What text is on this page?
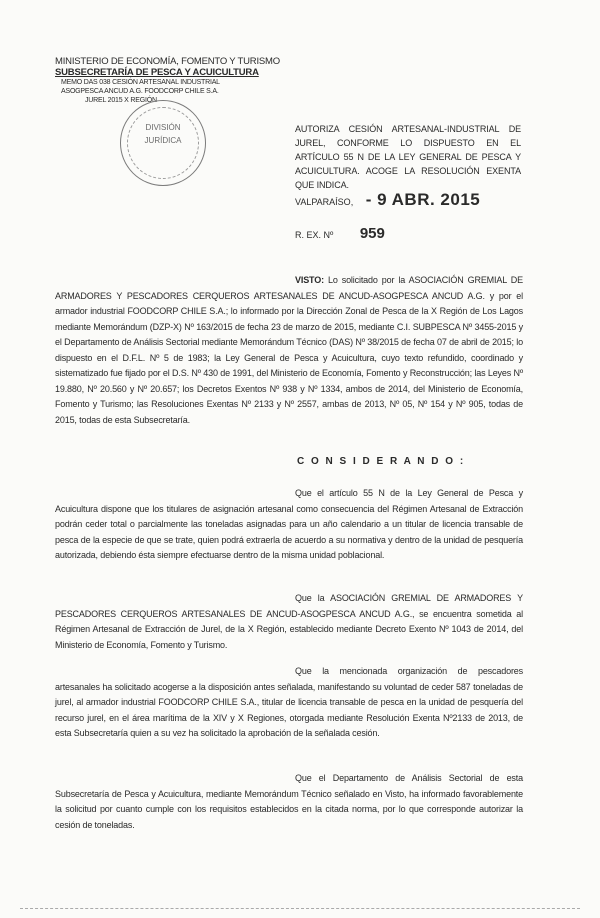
MINISTERIO DE ECONOMÍA, FOMENTO Y TURISMO
SUBSECRETARÍA DE PESCA Y ACUICULTURA
MEMO DAS 038 CESIÓN ARTESANAL INDUSTRIAL
ASOGPESCA ANCUD A.G. FOODCORP CHILE S.A.
JUREL 2015 X REGIÓN
DIVISIÓN
JURÍDICA
AUTORIZA CESIÓN ARTESANAL-INDUSTRIAL DE JUREL, CONFORME LO DISPUESTO EN EL ARTÍCULO 55 N DE LA LEY GENERAL DE PESCA Y ACUICULTURA. ACOGE LA RESOLUCIÓN EXENTA QUE INDICA.
VALPARAÍSO, - 9 ABR. 2015
R. EX. Nº 959
VISTO: Lo solicitado por la ASOCIACIÓN GREMIAL DE ARMADORES Y PESCADORES CERQUEROS ARTESANALES DE ANCUD-ASOGPESCA ANCUD A.G. y por el armador industrial FOODCORP CHILE S.A.; lo informado por la Dirección Zonal de Pesca de la X Región de Los Lagos mediante Memorándum (DZP-X) Nº 163/2015 de fecha 23 de marzo de 2015, mediante C.I. SUBPESCA Nº 3455-2015 y el Departamento de Análisis Sectorial mediante Memorándum Técnico (DAS) Nº 38/2015 de fecha 07 de abril de 2015; lo dispuesto en el D.F.L. Nº 5 de 1983; la Ley General de Pesca y Acuicultura, cuyo texto refundido, coordinado y sistematizado fue fijado por el D.S. Nº 430 de 1991, del Ministerio de Economía, Fomento y Reconstrucción; las Leyes Nº 19.880, Nº 20.560 y Nº 20.657; los Decretos Exentos Nº 938 y Nº 1334, ambos de 2014, del Ministerio de Economía, Fomento y Turismo; las Resoluciones Exentas Nº 2133 y Nº 2557, ambas de 2013, Nº 05, Nº 154 y Nº 905, todas de 2015, todas de esta Subsecretaría.
C O N S I D E R A N D O :
Que el artículo 55 N de la Ley General de Pesca y Acuicultura dispone que los titulares de asignación artesanal como consecuencia del Régimen Artesanal de Extracción podrán ceder total o parcialmente las toneladas asignadas para un año calendario a un titular de licencia transable de pesca de la especie de que se trate, quien podrá extraerla de acuerdo a su normativa y dentro de la unidad de pesquería autorizada, debiendo ésta siempre efectuarse dentro de la misma unidad poblacional.
Que la ASOCIACIÓN GREMIAL DE ARMADORES Y PESCADORES CERQUEROS ARTESANALES DE ANCUD-ASOGPESCA ANCUD A.G., se encuentra sometida al Régimen Artesanal de Extracción de Jurel, de la X Región, establecido mediante Decreto Exento Nº 1043 de 2014, del Ministerio de Economía, Fomento y Turismo.
Que la mencionada organización de pescadores artesanales ha solicitado acogerse a la disposición antes señalada, manifestando su voluntad de ceder 587 toneladas de jurel, al armador industrial FOODCORP CHILE S.A., titular de licencia transable de pesca en la unidad de pesquería del recurso jurel, en el área marítima de la XIV y X Regiones, otorgada mediante Resolución Exenta Nº2133 de 2013, de esta Subsecretaría quien a su vez ha solicitado la aprobación de la señalada cesión.
Que el Departamento de Análisis Sectorial de esta Subsecretaría de Pesca y Acuicultura, mediante Memorándum Técnico señalado en Visto, ha informado favorablemente la solicitud por cuanto cumple con los requisitos establecidos en la citada norma, por lo que corresponde autorizar la cesión de toneladas.
